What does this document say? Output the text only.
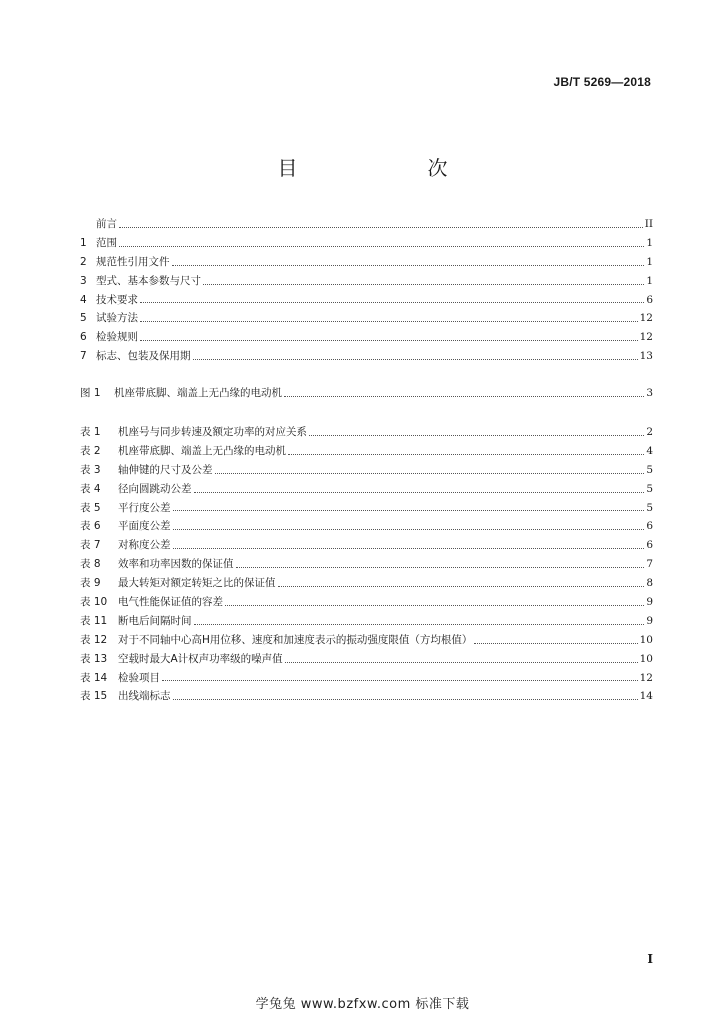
JB/T 5269—2018
目　　次
前言	II
1 范围	1
2 规范性引用文件	1
3 型式、基本参数与尺寸	1
4 技术要求	6
5 试验方法	12
6 检验规则	12
7 标志、包装及保用期	13
图 1	机座带底脚、端盖上无凸缘的电动机	3
表 1	机座号与同步转速及额定功率的对应关系	2
表 2	机座带底脚、端盖上无凸缘的电动机	4
表 3	轴伸键的尺寸及公差	5
表 4	径向圆跳动公差	5
表 5	平行度公差	5
表 6	平面度公差	6
表 7	对称度公差	6
表 8	效率和功率因数的保证值	7
表 9	最大转矩对额定转矩之比的保证值	8
表 10	电气性能保证值的容差	9
表 11	断电后间隔时间	9
表 12	对于不同轴中心高H用位移、速度和加速度表示的振动强度限值（方均根值）	10
表 13	空载时最大A计权声功率级的噪声值	10
表 14	检验项目	12
表 15	出线端标志	14
I
学兔兔 www.bzfxw.com 标准下载
